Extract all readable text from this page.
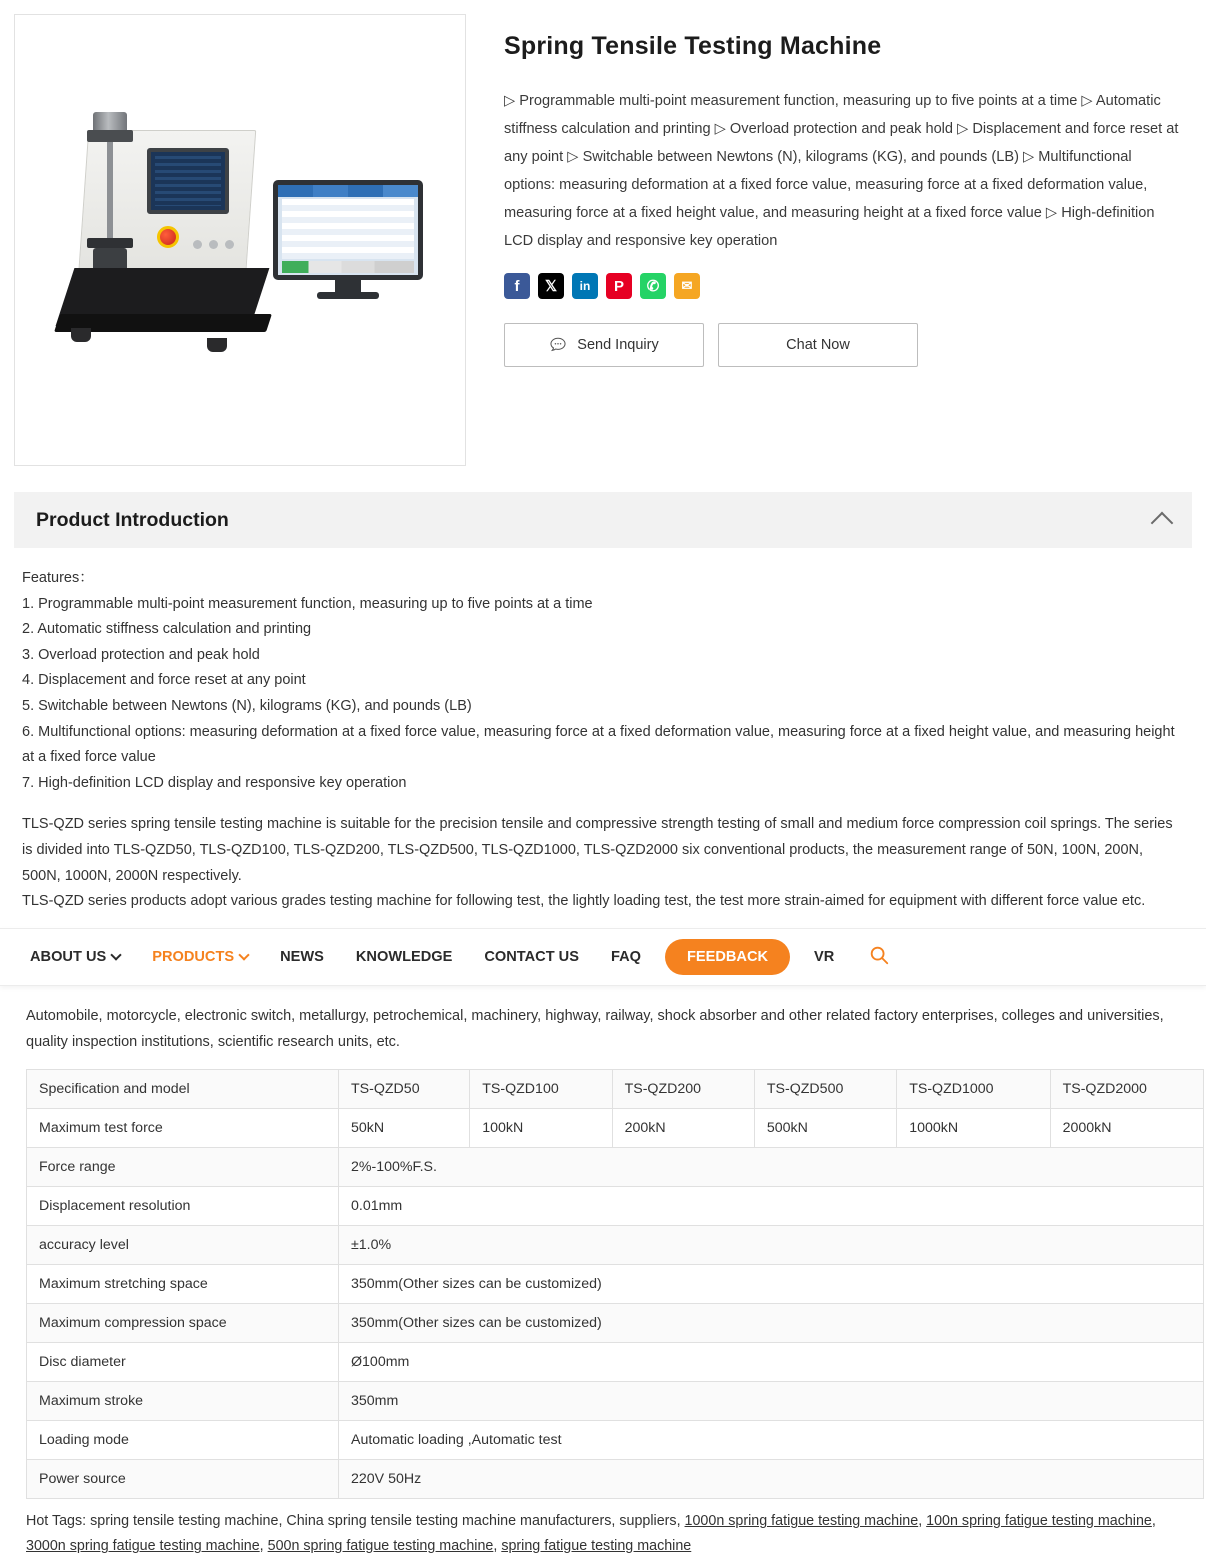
Spring Tensile Testing Machine

▷ Programmable multi-point measurement function, measuring up to five points at a time ▷ Automatic stiffness calculation and printing ▷ Overload protection and peak hold ▷ Displacement and force reset at any point ▷ Switchable between Newtons (N), kilograms (KG), and pounds (LB) ▷ Multifunctional options: measuring deformation at a fixed force value, measuring force at a fixed deformation value, measuring force at a fixed height value, and measuring height at a fixed force value ▷ High-definition LCD display and responsive key operation

f	𝕏	in	P	✆	✉
Send Inquiry	Chat Now
Product Introduction

Features：

1. Programmable multi-point measurement function, measuring up to five points at a time

2. Automatic stiffness calculation and printing

3. Overload protection and peak hold

4. Displacement and force reset at any point

5. Switchable between Newtons (N), kilograms (KG), and pounds (LB)

6. Multifunctional options: measuring deformation at a fixed force value, measuring force at a fixed deformation value, measuring force at a fixed height value, and measuring height at a fixed force value

7. High-definition LCD display and responsive key operation

TLS-QZD series spring tensile testing machine is suitable for the precision tensile and compressive strength testing of small and medium force compression coil springs. The series is divided into TLS-QZD50, TLS-QZD100, TLS-QZD200, TLS-QZD500, TLS-QZD1000, TLS-QZD2000 six conventional products, the measurement range of 50N, 100N, 200N, 500N, 1000N, 2000N respectively.

TLS-QZD series products adopt various grades testing machine for following test, the lightly loading test, the test more strain-aimed for equipment with different force value etc.

ABOUT US	PRODUCTS	NEWS KNOWLEDGE CONTACT US FAQ	FEEDBACK	VR

Automobile, motorcycle, electronic switch, metallurgy, petrochemical, machinery, highway, railway, shock absorber and other related factory enterprises, colleges and universities, quality inspection institutions, scientific research units, etc.

Specification and model	TS-QZD50	TS-QZD100	TS-QZD200	TS-QZD500	TS-QZD1000	TS-QZD2000
Maximum test force	50kN	100kN	200kN	500kN	1000kN	2000kN
Force range	2%-100%F.S.					
Displacement resolution	0.01mm					
accuracy level	±1.0%					
Maximum stretching space	350mm(Other sizes can be customized)					
Maximum compression space	350mm(Other sizes can be customized)					
Disc diameter	Ø100mm					
Maximum stroke	350mm					
Loading mode	Automatic loading ,Automatic test					
Power source	220V 50Hz					
Hot Tags: spring tensile testing machine, China spring tensile testing machine manufacturers, suppliers, 1000n spring fatigue testing machine, 100n spring fatigue testing machine, 3000n spring fatigue testing machine, 500n spring fatigue testing machine, spring fatigue testing machine
